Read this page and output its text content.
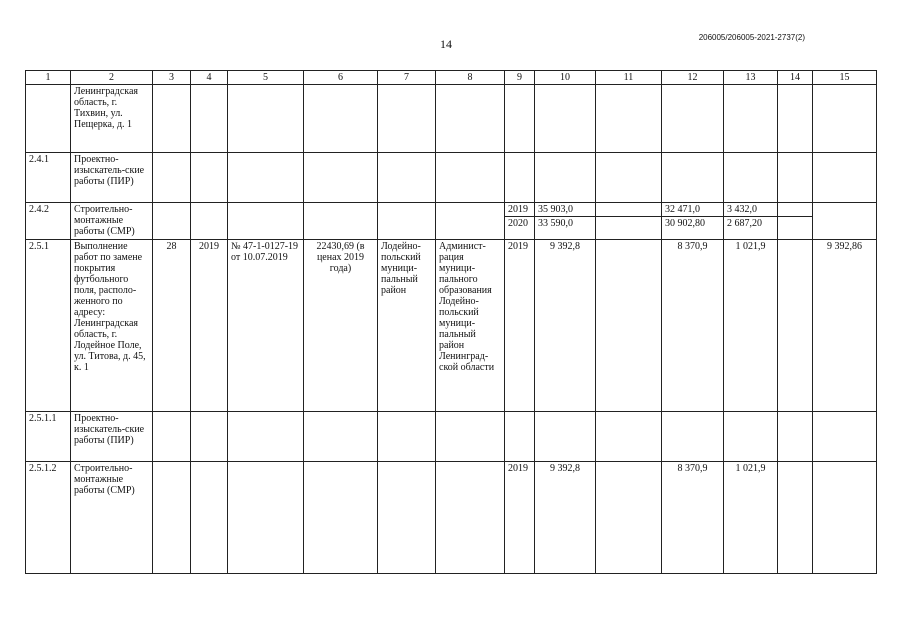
14	206005/206005-2021-2737(2)
1	2	3	4	5	6	7	8	9	10	11	12	13	14	15
	Ленинградская область, г. Тихвин, ул. Пещерка, д. 1													
2.4.1	Проектно-изыскатель-ские работы (ПИР)													
2.4.2	Строительно-монтажные работы (СМР)							2019	35 903,0		32 471,0	3 432,0		
								2020	33 590,0		30 902,80	2 687,20		
2.5.1	Выполнение работ по замене покрытия футбольного поля, располо-женного по адресу: Ленинградская область, г. Лодейное Поле, ул. Титова, д. 45, к. 1	28	2019	№ 47-1-0127-19 от 10.07.2019	22430,69 (в ценах 2019 года)	Лодейно-польский муници-пальный район	Админист-рация муници-пального образования Лодейно-польский муници-пальный район Ленинград-ской области	2019	9 392,8		8 370,9	1 021,9		9 392,86
2.5.1.1	Проектно-изыскатель-ские работы (ПИР)													
2.5.1.2	Строительно-монтажные работы (СМР)							2019	9 392,8		8 370,9	1 021,9		
